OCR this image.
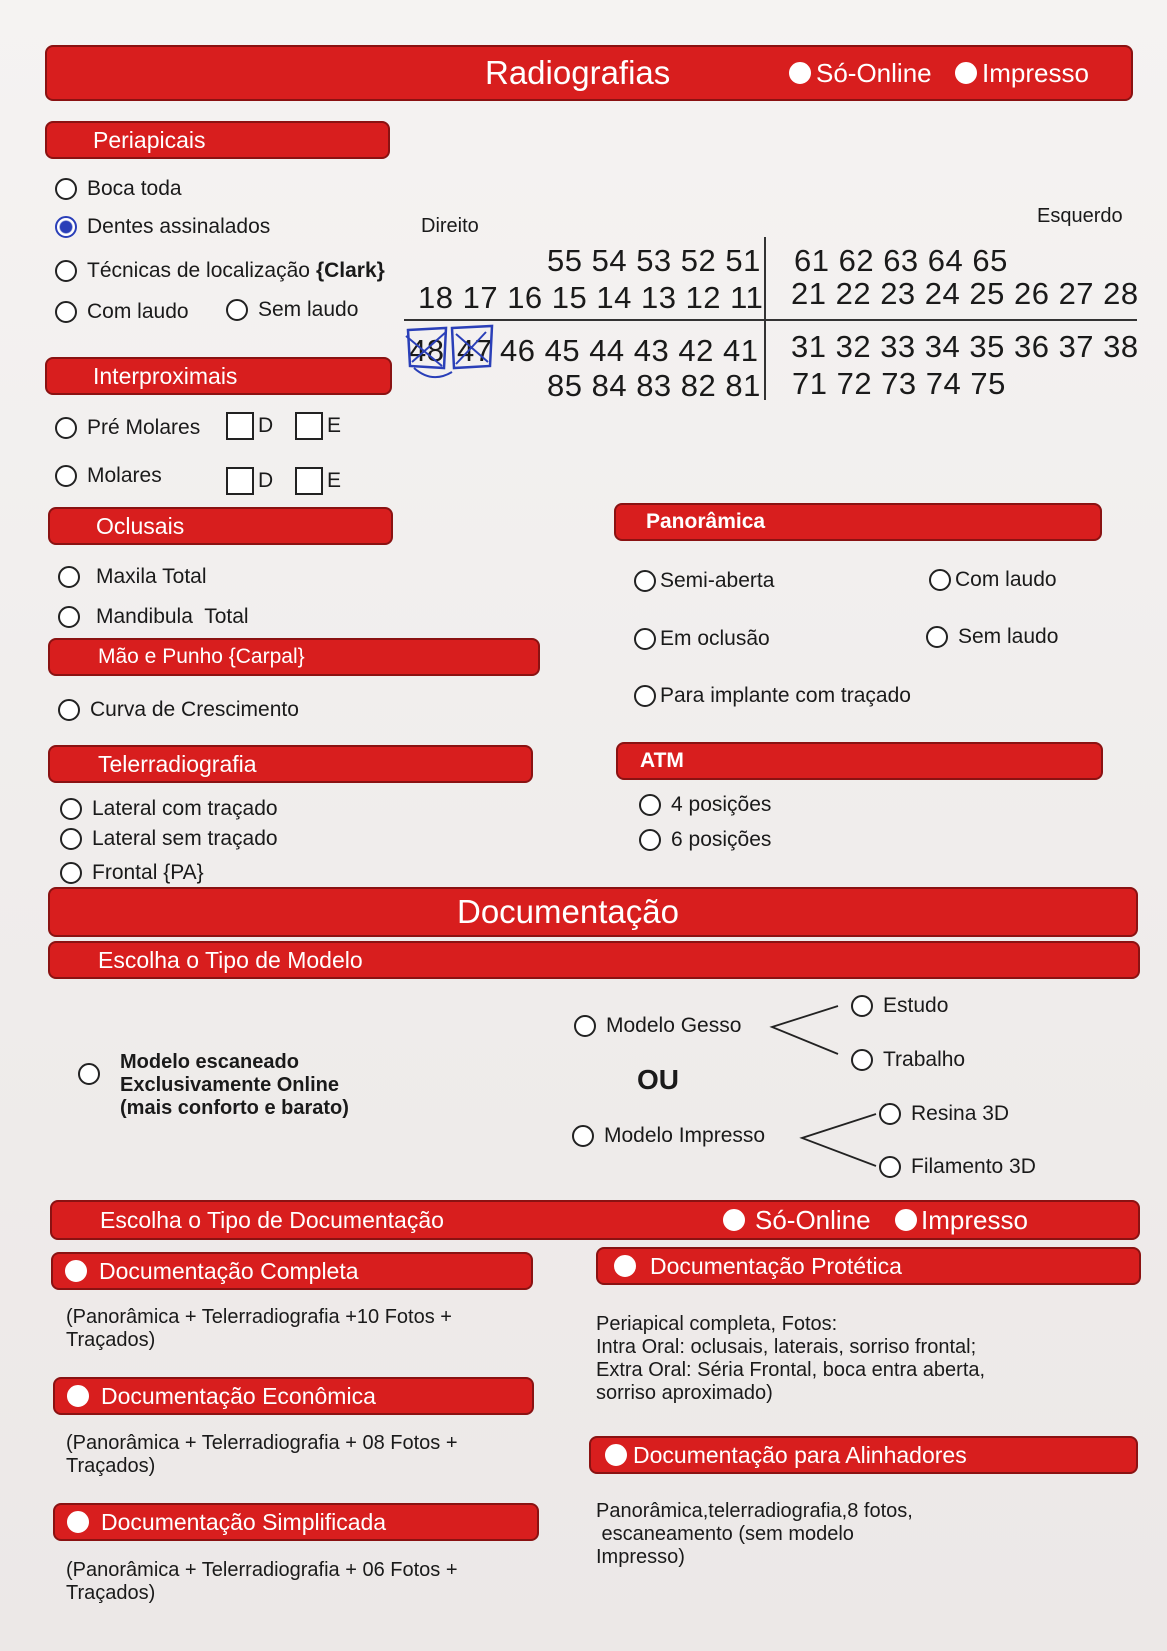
Radiografias	Só-Online Impresso
Periapicais
Boca toda
Dentes assinalados
Técnicas de localização {Clark}
Com laudo	Sem laudo
Direito	Esquerdo
55 54 53 52 51 61 62 63 64 65
18 17 16 15 14 13 12 11 21 22 23 24 25 26 27 28
48 47 46 45 44 43 42 41 31 32 33 34 35 36 37 38
85 84 83 82 81 71 72 73 74 75
Interproximais
Pré Molares	D	E
Molares	D	E
Oclusais
Maxila Total
Mandibula  Total
Mão e Punho {Carpal}
Curva de Crescimento
Telerradiografia
Lateral com traçado
Lateral sem traçado
Frontal {PA}
Panorâmica
Semi-aberta	Com laudo
Em oclusão	Sem laudo
Para implante com traçado
ATM
4 posições
6 posições
Documentação
Escolha o Tipo de Modelo
Modelo escaneado
Exclusivamente Online
(mais conforto e barato)
Modelo Gesso
Estudo
Trabalho
OU
Modelo Impresso
Resina 3D
Filamento 3D
Escolha o Tipo de Documentação	Só-Online Impresso
Documentação Completa
(Panorâmica + Telerradiografia +10 Fotos +
Traçados)
Documentação Econômica
(Panorâmica + Telerradiografia + 08 Fotos +
Traçados)
Documentação Simplificada
(Panorâmica + Telerradiografia + 06 Fotos +
Traçados)
Documentação Protética
Periapical completa, Fotos:
Intra Oral: oclusais, laterais, sorriso frontal;
Extra Oral: Séria Frontal, boca entra aberta,
sorriso aproximado)
Documentação para Alinhadores
Panorâmica,telerradiografia,8 fotos,
escaneamento (sem modelo
Impresso)
